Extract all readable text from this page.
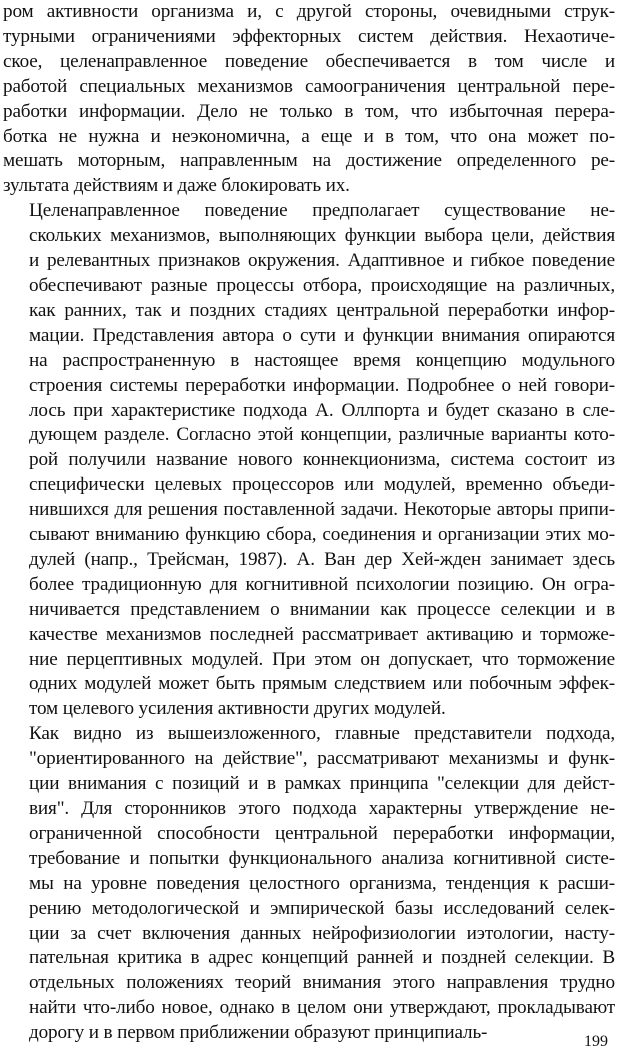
ром активности организма и, с другой стороны, очевидными струк-
турными ограничениями эффекторных систем действия. Нехаотиче-
ское, целенаправленное поведение обеспечивается в том числе и
работой специальных механизмов самоограничения центральной пере-
работки информации. Дело не только в том, что избыточная перера-
ботка не нужна и неэкономична, а еще и в том, что она может по-
мешать моторным, направленным на достижение определенного ре-
зультата действиям и даже блокировать их.

Целенаправленное поведение предполагает существование не-
скольких механизмов, выполняющих функции выбора цели, действия
и релевантных признаков окружения. Адаптивное и гибкое поведение
обеспечивают разные процессы отбора, происходящие на различных,
как ранних, так и поздних стадиях центральной переработки инфор-
мации. Представления автора о сути и функции внимания опираются
на распространенную в настоящее время концепцию модульного
строения системы переработки информации. Подробнее о ней говори-
лось при характеристике подхода А. Оллпорта и будет сказано в сле-
дующем разделе. Согласно этой концепции, различные варианты кото-
рой получили название нового коннекционизма, система состоит из
специфически целевых процессоров или модулей, временно объеди-
нившихся для решения поставленной задачи. Некоторые авторы припи-
сывают вниманию функцию сбора, соединения и организации этих мо-
дулей (напр., Трейсман, 1987). А. Ван дер Хей-жден занимает здесь
более традиционную для когнитивной психологии позицию. Он огра-
ничивается представлением о внимании как процессе селекции и в
качестве механизмов последней рассматривает активацию и торможе-
ние перцептивных модулей. При этом он допускает, что торможение
одних модулей может быть прямым следствием или побочным эффек-
том целевого усиления активности других модулей.

Как видно из вышеизложенного, главные представители подхода,
"ориентированного на действие", рассматривают механизмы и функ-
ции внимания с позиций и в рамках принципа "селекции для дейст-
вия". Для сторонников этого подхода характерны утверждение не-
ограниченной способности центральной переработки информации,
требование и попытки функционального анализа когнитивной систе-
мы на уровне поведения целостного организма, тенденция к расши-
рению методологической и эмпирической базы исследований селек-
ции за счет включения данных нейрофизиологии иэтологии, насту-
пательная критика в адрес концепций ранней и поздней селекции. В
отдельных положениях теорий внимания этого направления трудно
найти что-либо новое, однако в целом они утверждают, прокладывают
дорогу и в первом приближении образуют принципиаль-	199
